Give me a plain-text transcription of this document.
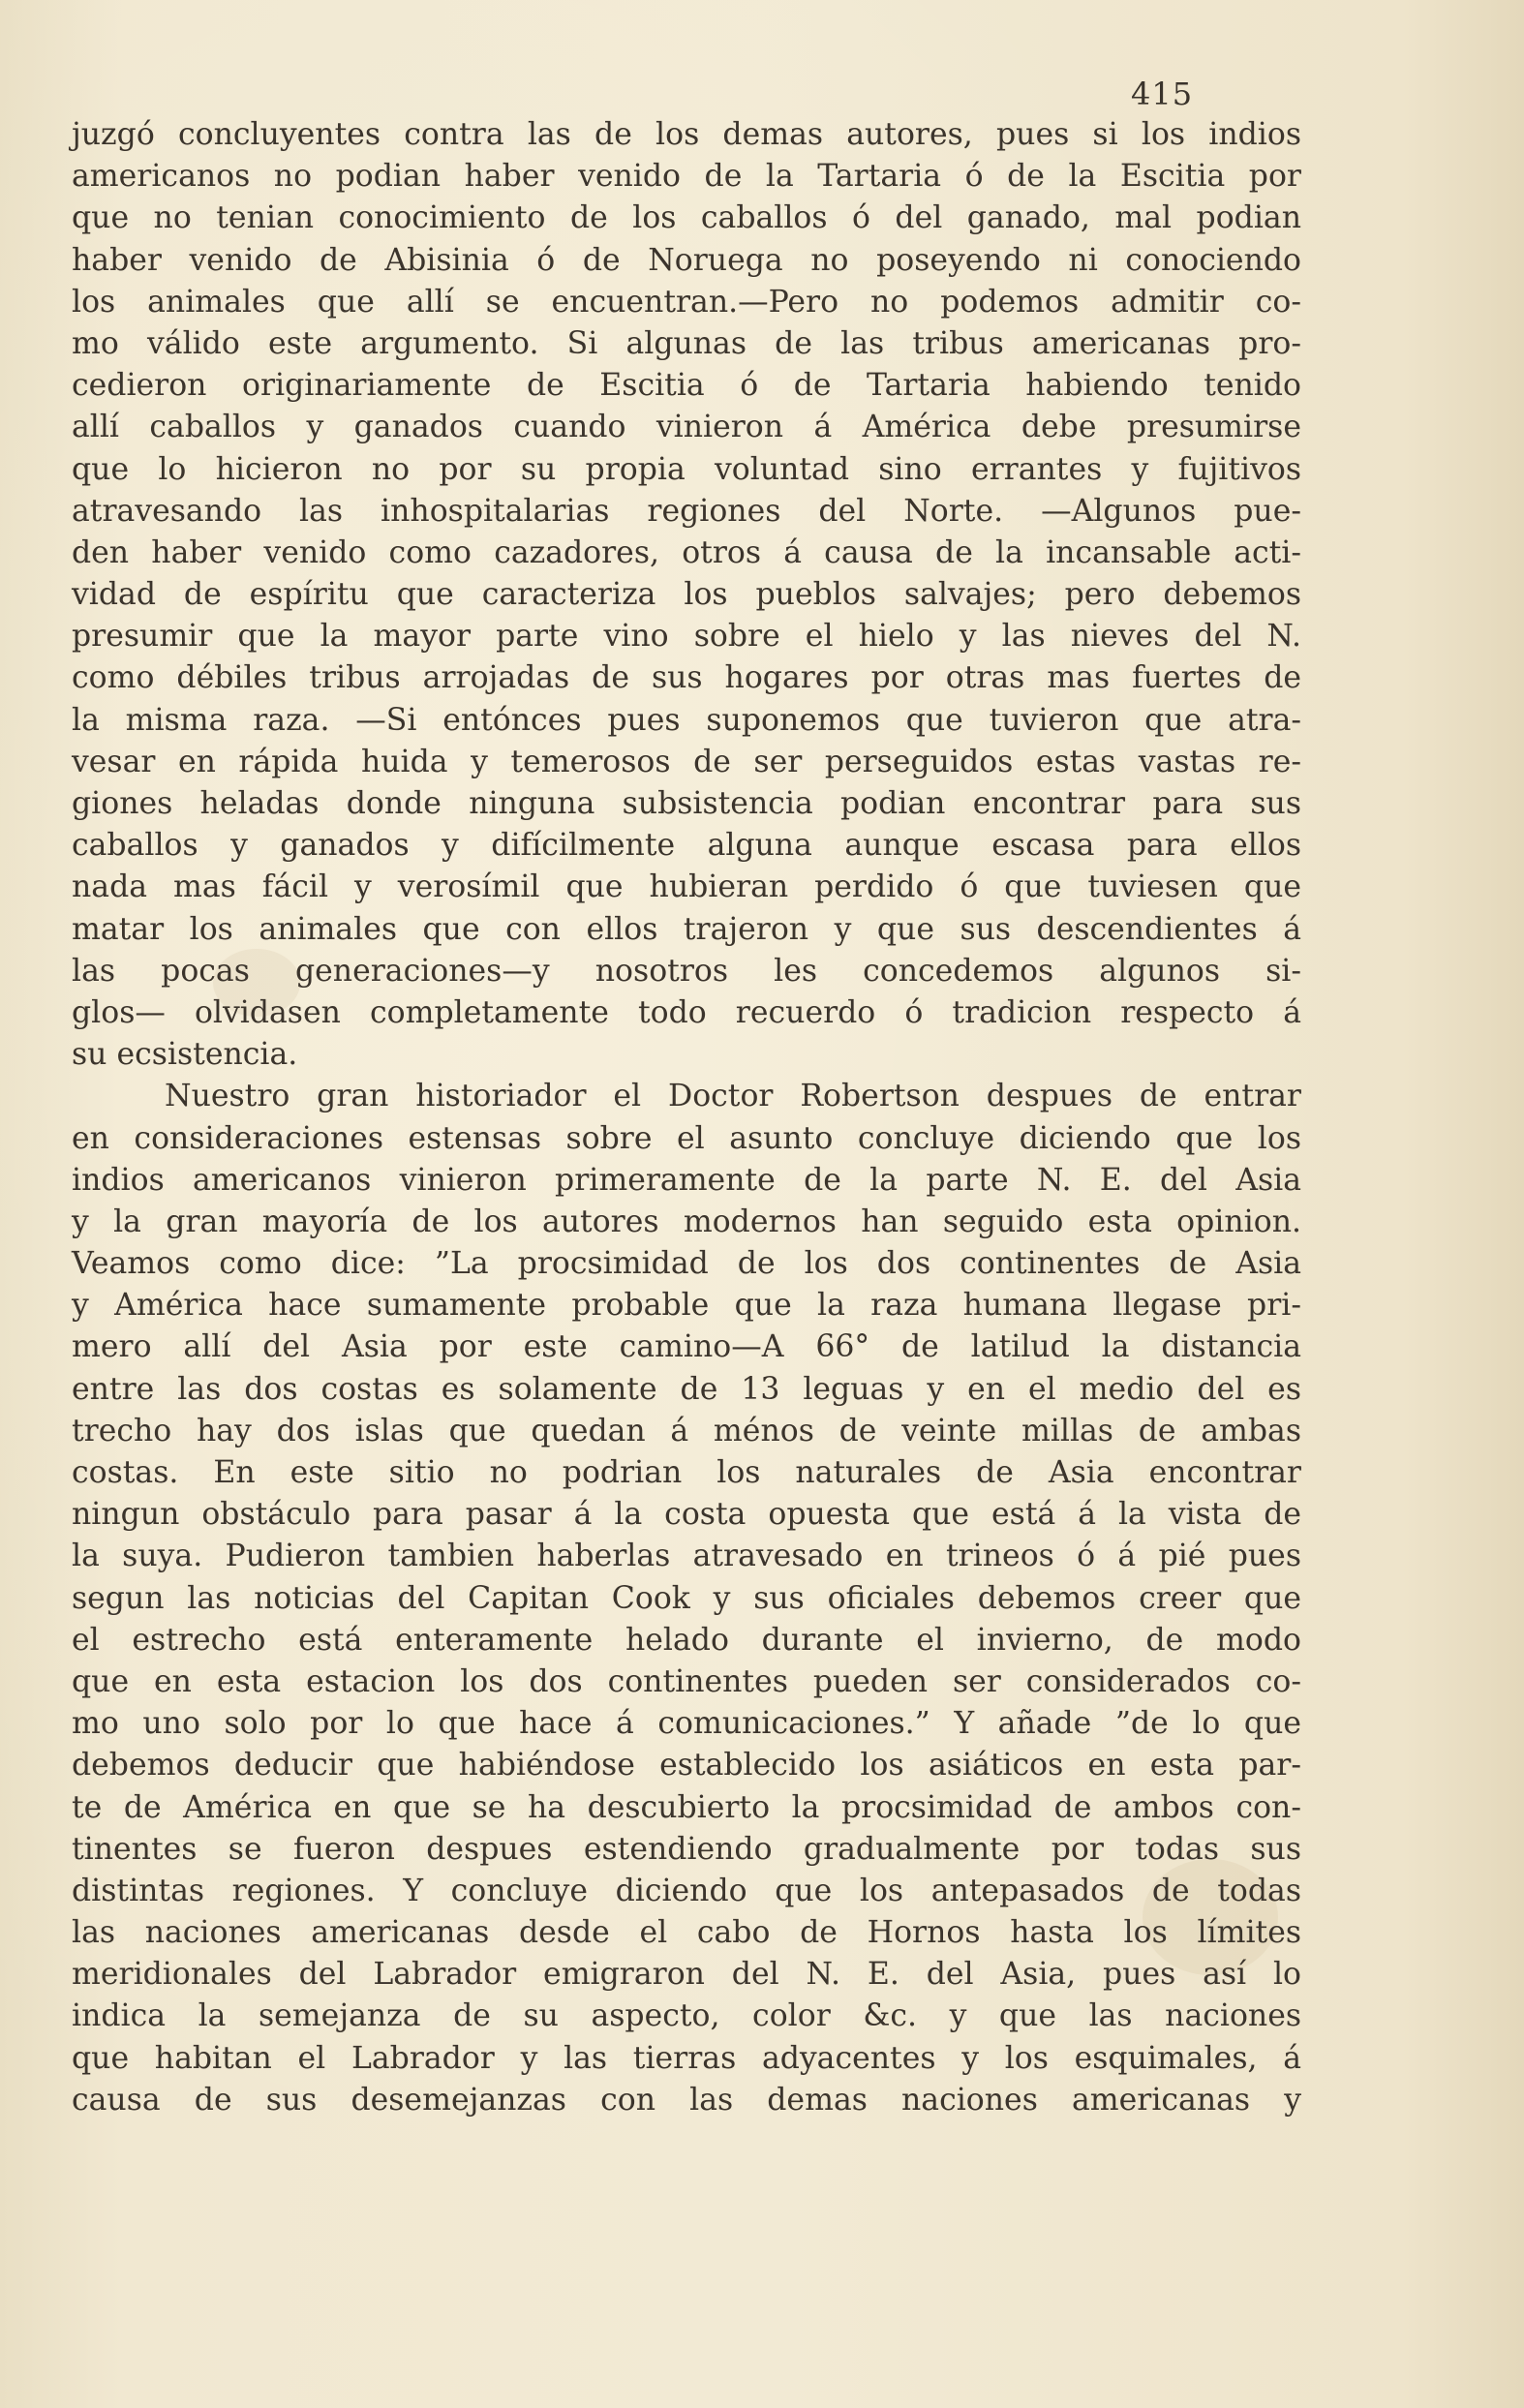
415
juzgó concluyentes contra las de los demas autores, pues si los indios
americanos no podian haber venido de la Tartaria ó de la Escitia por
que no tenian conocimiento de los caballos ó del ganado, mal podian
haber venido de Abisinia ó de Noruega no poseyendo ni conociendo
los animales que allí se encuentran.—Pero no podemos admitir co-
mo válido este argumento. Si algunas de las tribus americanas pro-
cedieron originariamente de Escitia ó de Tartaria habiendo tenido
allí caballos y ganados cuando vinieron á América debe presumirse
que lo hicieron no por su propia voluntad sino errantes y fujitivos
atravesando las inhospitalarias regiones del Norte. —Algunos pue-
den haber venido como cazadores, otros á causa de la incansable acti-
vidad de espíritu que caracteriza los pueblos salvajes; pero debemos
presumir que la mayor parte vino sobre el hielo y las nieves del N.
como débiles tribus arrojadas de sus hogares por otras mas fuertes de
la misma raza. —Si entónces pues suponemos que tuvieron que atra-
vesar en rápida huida y temerosos de ser perseguidos estas vastas re-
giones heladas donde ninguna subsistencia podian encontrar para sus
caballos y ganados y difícilmente alguna aunque escasa para ellos
nada mas fácil y verosímil que hubieran perdido ó que tuviesen que
matar los animales que con ellos trajeron y que sus descendientes á
las pocas generaciones—y nosotros les concedemos algunos si-
glos— olvidasen completamente todo recuerdo ó tradicion respecto á
su ecsistencia.
Nuestro gran historiador el Doctor Robertson despues de entrar
en consideraciones estensas sobre el asunto concluye diciendo que los
indios americanos vinieron primeramente de la parte N. E. del Asia
y la gran mayoría de los autores modernos han seguido esta opinion.
Veamos como dice: ”La procsimidad de los dos continentes de Asia
y América hace sumamente probable que la raza humana llegase pri-
mero allí del Asia por este camino—A 66° de latilud la distancia
entre las dos costas es solamente de 13 leguas y en el medio del es
trecho hay dos islas que quedan á ménos de veinte millas de ambas
costas. En este sitio no podrian los naturales de Asia encontrar
ningun obstáculo para pasar á la costa opuesta que está á la vista de
la suya. Pudieron tambien haberlas atravesado en trineos ó á pié pues
segun las noticias del Capitan Cook y sus oficiales debemos creer que
el estrecho está enteramente helado durante el invierno, de modo
que en esta estacion los dos continentes pueden ser considerados co-
mo uno solo por lo que hace á comunicaciones.” Y añade ”de lo que
debemos deducir que habiéndose establecido los asiáticos en esta par-
te de América en que se ha descubierto la procsimidad de ambos con-
tinentes se fueron despues estendiendo gradualmente por todas sus
distintas regiones. Y concluye diciendo que los antepasados de todas
las naciones americanas desde el cabo de Hornos hasta los límites
meridionales del Labrador emigraron del N. E. del Asia, pues así lo
indica la semejanza de su aspecto, color &c. y que las naciones
que habitan el Labrador y las tierras adyacentes y los esquimales, á
causa de sus desemejanzas con las demas naciones americanas y
